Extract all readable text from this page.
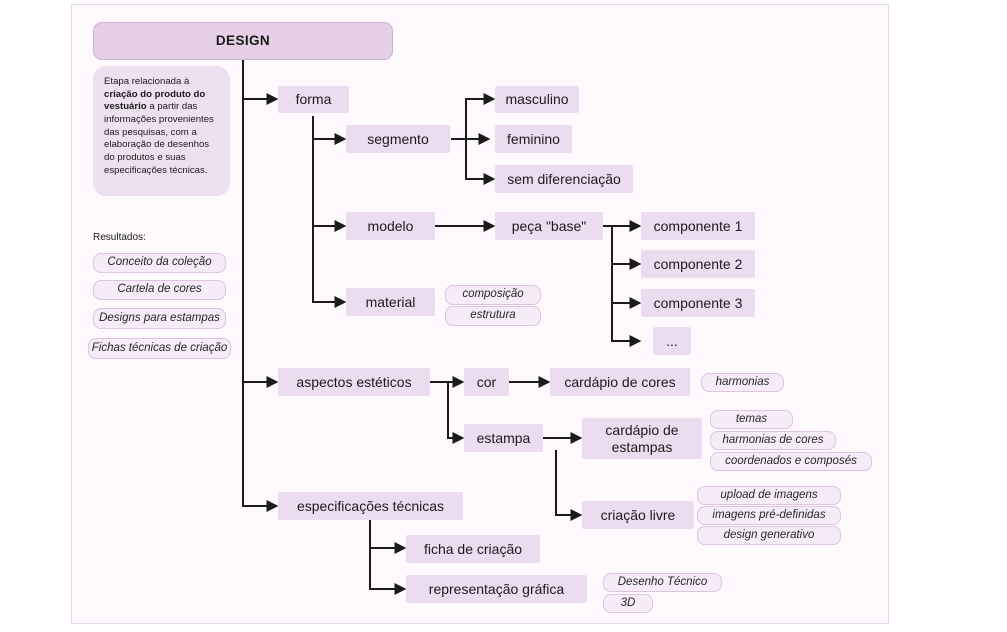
DESIGN
Etapa relacionada à criação do produto do vestuário a partir das informações provenientes das pesquisas, com a elaboração de desenhos do produtos e suas especificações técnicas.
Resultados:
Conceito da coleção
Cartela de cores
Designs para estampas
Fichas técnicas de criação
forma
segmento
masculino
feminino
sem diferenciação
modelo	peça "base"	componente 1
componente 2
componente 3
...
material	composição
estrutura
aspectos estéticos	cor	cardápio de cores	harmonias
estampa	cardápio de estampas
temas
harmonias de cores
coordenados e composés
criação livre
upload de imagens
imagens pré-definidas
design generativo
especificações técnicas
ficha de criação
representação gráfica	Desenho Técnico
3D
